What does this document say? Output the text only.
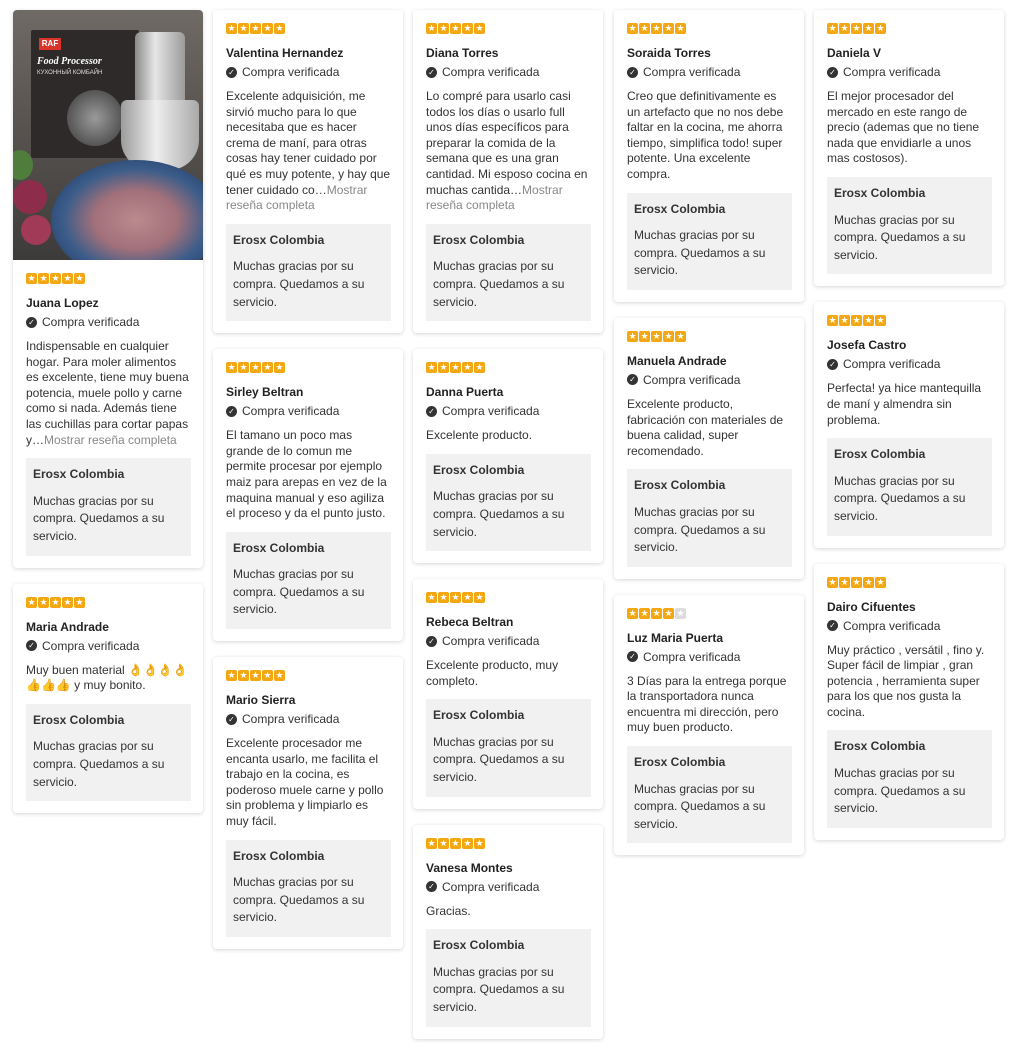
RAF
Food Processor
КУХОННЫЙ КОМБАЙН
★ ★ ★ ★ ★
Juana Lopez
✓ Compra verificada
Indispensable en cualquier hogar. Para moler alimentos es excelente, tiene muy buena potencia, muele pollo y carne como si nada. Además tiene las cuchillas para cortar papas y…Mostrar reseña completa
Erosx Colombia
Muchas gracias por su compra. Quedamos a su servicio.
★ ★ ★ ★ ★
Maria Andrade
✓ Compra verificada
Muy buen material 👌👌👌👌👍👍👍 y muy bonito.
Erosx Colombia
Muchas gracias por su compra. Quedamos a su servicio.
★ ★ ★ ★ ★
Valentina Hernandez
✓ Compra verificada
Excelente adquisición, me sirvió mucho para lo que necesitaba que es hacer crema de maní, para otras cosas hay tener cuidado por qué es muy potente, y hay que tener cuidado co…Mostrar reseña completa
Erosx Colombia
Muchas gracias por su compra. Quedamos a su servicio.
★ ★ ★ ★ ★
Sirley Beltran
✓ Compra verificada
El tamano un poco mas grande de lo comun me permite procesar por ejemplo maiz para arepas en vez de la maquina manual y eso agiliza el proceso y da el punto justo.
Erosx Colombia
Muchas gracias por su compra. Quedamos a su servicio.
★ ★ ★ ★ ★
Mario Sierra
✓ Compra verificada
Excelente procesador me encanta usarlo, me facilita el trabajo en la cocina, es poderoso muele carne y pollo sin problema y limpiarlo es muy fácil.
Erosx Colombia
Muchas gracias por su compra. Quedamos a su servicio.
★ ★ ★ ★ ★
Diana Torres
✓ Compra verificada
Lo compré para usarlo casi todos los días o usarlo full unos días específicos para preparar la comida de la semana que es una gran cantidad. Mi esposo cocina en muchas cantida…Mostrar reseña completa
Erosx Colombia
Muchas gracias por su compra. Quedamos a su servicio.
★ ★ ★ ★ ★
Danna Puerta
✓ Compra verificada
Excelente producto.
Erosx Colombia
Muchas gracias por su compra. Quedamos a su servicio.
★ ★ ★ ★ ★
Rebeca Beltran
✓ Compra verificada
Excelente producto, muy completo.
Erosx Colombia
Muchas gracias por su compra. Quedamos a su servicio.
★ ★ ★ ★ ★
Vanesa Montes
✓ Compra verificada
Gracias.
Erosx Colombia
Muchas gracias por su compra. Quedamos a su servicio.
★ ★ ★ ★ ★
Soraida Torres
✓ Compra verificada
Creo que definitivamente es un artefacto que no nos debe faltar en la cocina, me ahorra tiempo, simplifica todo! super potente. Una excelente compra.
Erosx Colombia
Muchas gracias por su compra. Quedamos a su servicio.
★ ★ ★ ★ ★
Manuela Andrade
✓ Compra verificada
Excelente producto, fabricación con materiales de buena calidad, super recomendado.
Erosx Colombia
Muchas gracias por su compra. Quedamos a su servicio.
★ ★ ★ ★ ★
Luz Maria Puerta
✓ Compra verificada
3 Días para la entrega porque la transportadora nunca encuentra mi dirección, pero muy buen producto.
Erosx Colombia
Muchas gracias por su compra. Quedamos a su servicio.
★ ★ ★ ★ ★
Daniela V
✓ Compra verificada
El mejor procesador del mercado en este rango de precio (ademas que no tiene nada que envidiarle a unos mas costosos).
Erosx Colombia
Muchas gracias por su compra. Quedamos a su servicio.
★ ★ ★ ★ ★
Josefa Castro
✓ Compra verificada
Perfecta! ya hice mantequilla de maní y almendra sin problema.
Erosx Colombia
Muchas gracias por su compra. Quedamos a su servicio.
★ ★ ★ ★ ★
Dairo Cifuentes
✓ Compra verificada
Muy práctico , versátil , fino y. Super fácil de limpiar , gran potencia , herramienta super para los que nos gusta la cocina.
Erosx Colombia
Muchas gracias por su compra. Quedamos a su servicio.
